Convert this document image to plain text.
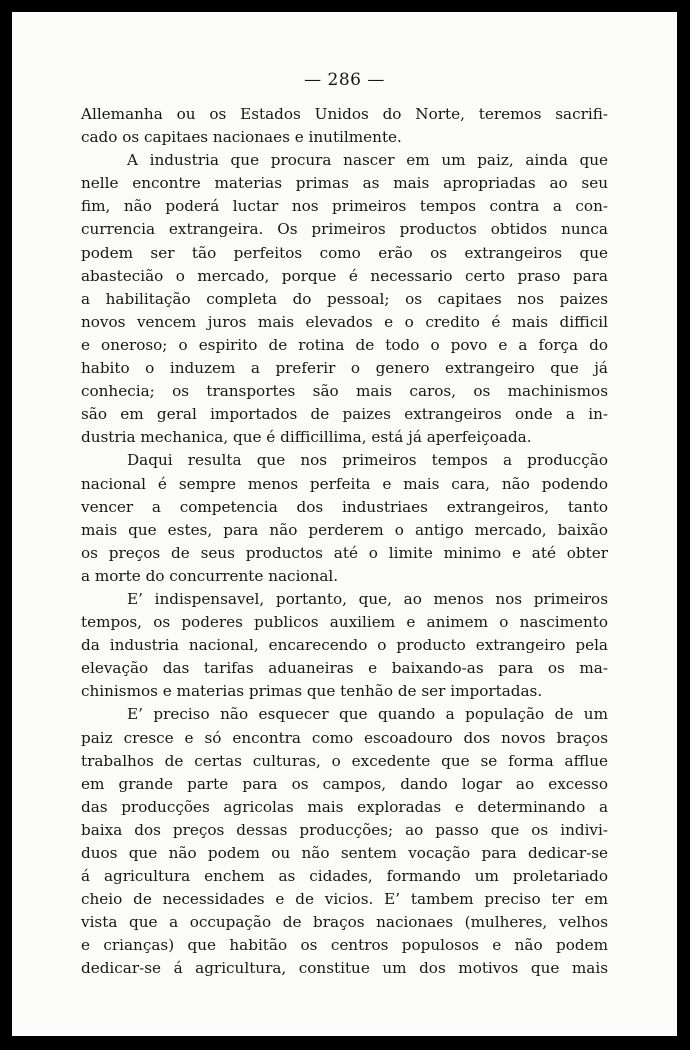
— 286 —
Allemanha ou os Estados Unidos do Norte, teremos sacrifi-
cado os capitaes nacionaes e inutilmente.
A industria que procura nascer em um paiz, ainda que
nelle encontre materias primas as mais apropriadas ao seu
fim, não poderá luctar nos primeiros tempos contra a con-
currencia extrangeira. Os primeiros productos obtidos nunca
podem ser tão perfeitos como erão os extrangeiros que
abastecião o mercado, porque é necessario certo praso para
a habilitação completa do pessoal; os capitaes nos paizes
novos vencem juros mais elevados e o credito é mais difficil
e oneroso; o espirito de rotina de todo o povo e a força do
habito o induzem a preferir o genero extrangeiro que já
conhecia; os transportes são mais caros, os machinismos
são em geral importados de paizes extrangeiros onde a in-
dustria mechanica, que é difficillima, está já aperfeiçoada.
Daqui resulta que nos primeiros tempos a producção
nacional é sempre menos perfeita e mais cara, não podendo
vencer a competencia dos industriaes extrangeiros, tanto
mais que estes, para não perderem o antigo mercado, baixão
os preços de seus productos até o limite minimo e até obter
a morte do concurrente nacional.
E’ indispensavel, portanto, que, ao menos nos primeiros
tempos, os poderes publicos auxiliem e animem o nascimento
da industria nacional, encarecendo o producto extrangeiro pela
elevação das tarifas aduaneiras e baixando-as para os ma-
chinismos e materias primas que tenhão de ser importadas.
E’ preciso não esquecer que quando a população de um
paiz cresce e só encontra como escoadouro dos novos braços
trabalhos de certas culturas, o excedente que se forma afflue
em grande parte para os campos, dando logar ao excesso
das producções agricolas mais exploradas e determinando a
baixa dos preços dessas producções; ao passo que os indivi-
duos que não podem ou não sentem vocação para dedicar-se
á agricultura enchem as cidades, formando um proletariado
cheio de necessidades e de vicios. E’ tambem preciso ter em
vista que a occupação de braços nacionaes (mulheres, velhos
e crianças) que habitão os centros populosos e não podem
dedicar-se á agricultura, constitue um dos motivos que mais
